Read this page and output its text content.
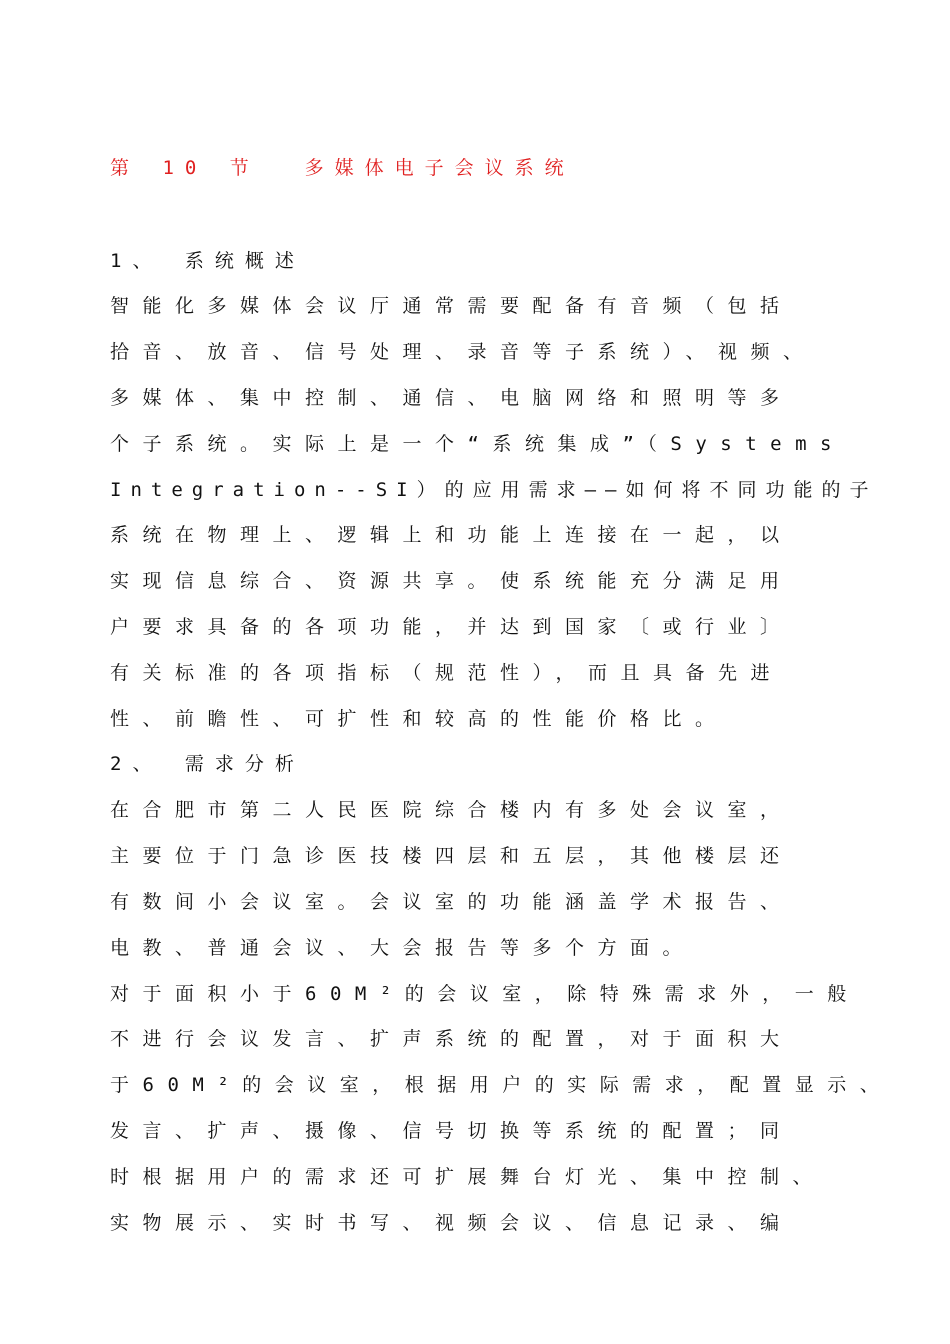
第 10 节  多媒体电子会议系统
1、 系统概述
智能化多媒体会议厅通常需要配备有音频（包括
拾音、放音、信号处理、录音等子系统）、视频、
多媒体、集中控制、通信、电脑网络和照明等多
个子系统。实际上是一个“系统集成”（Systems
Integration--SI）的应用需求——如何将不同功能的子
系统在物理上、逻辑上和功能上连接在一起，以
实现信息综合、资源共享。使系统能充分满足用
户要求具备的各项功能，并达到国家〔或行业〕
有关标准的各项指标（规范性），而且具备先进
性、前瞻性、可扩性和较高的性能价格比。
2、 需求分析
在合肥市第二人民医院综合楼内有多处会议室，
主要位于门急诊医技楼四层和五层，其他楼层还
有数间小会议室。会议室的功能涵盖学术报告、
电教、普通会议、大会报告等多个方面。
对于面积小于60M²的会议室，除特殊需求外，一般
不进行会议发言、扩声系统的配置，对于面积大
于60M²的会议室，根据用户的实际需求，配置显示、
发言、扩声、摄像、信号切换等系统的配置；同
时根据用户的需求还可扩展舞台灯光、集中控制、
实物展示、实时书写、视频会议、信息记录、编
